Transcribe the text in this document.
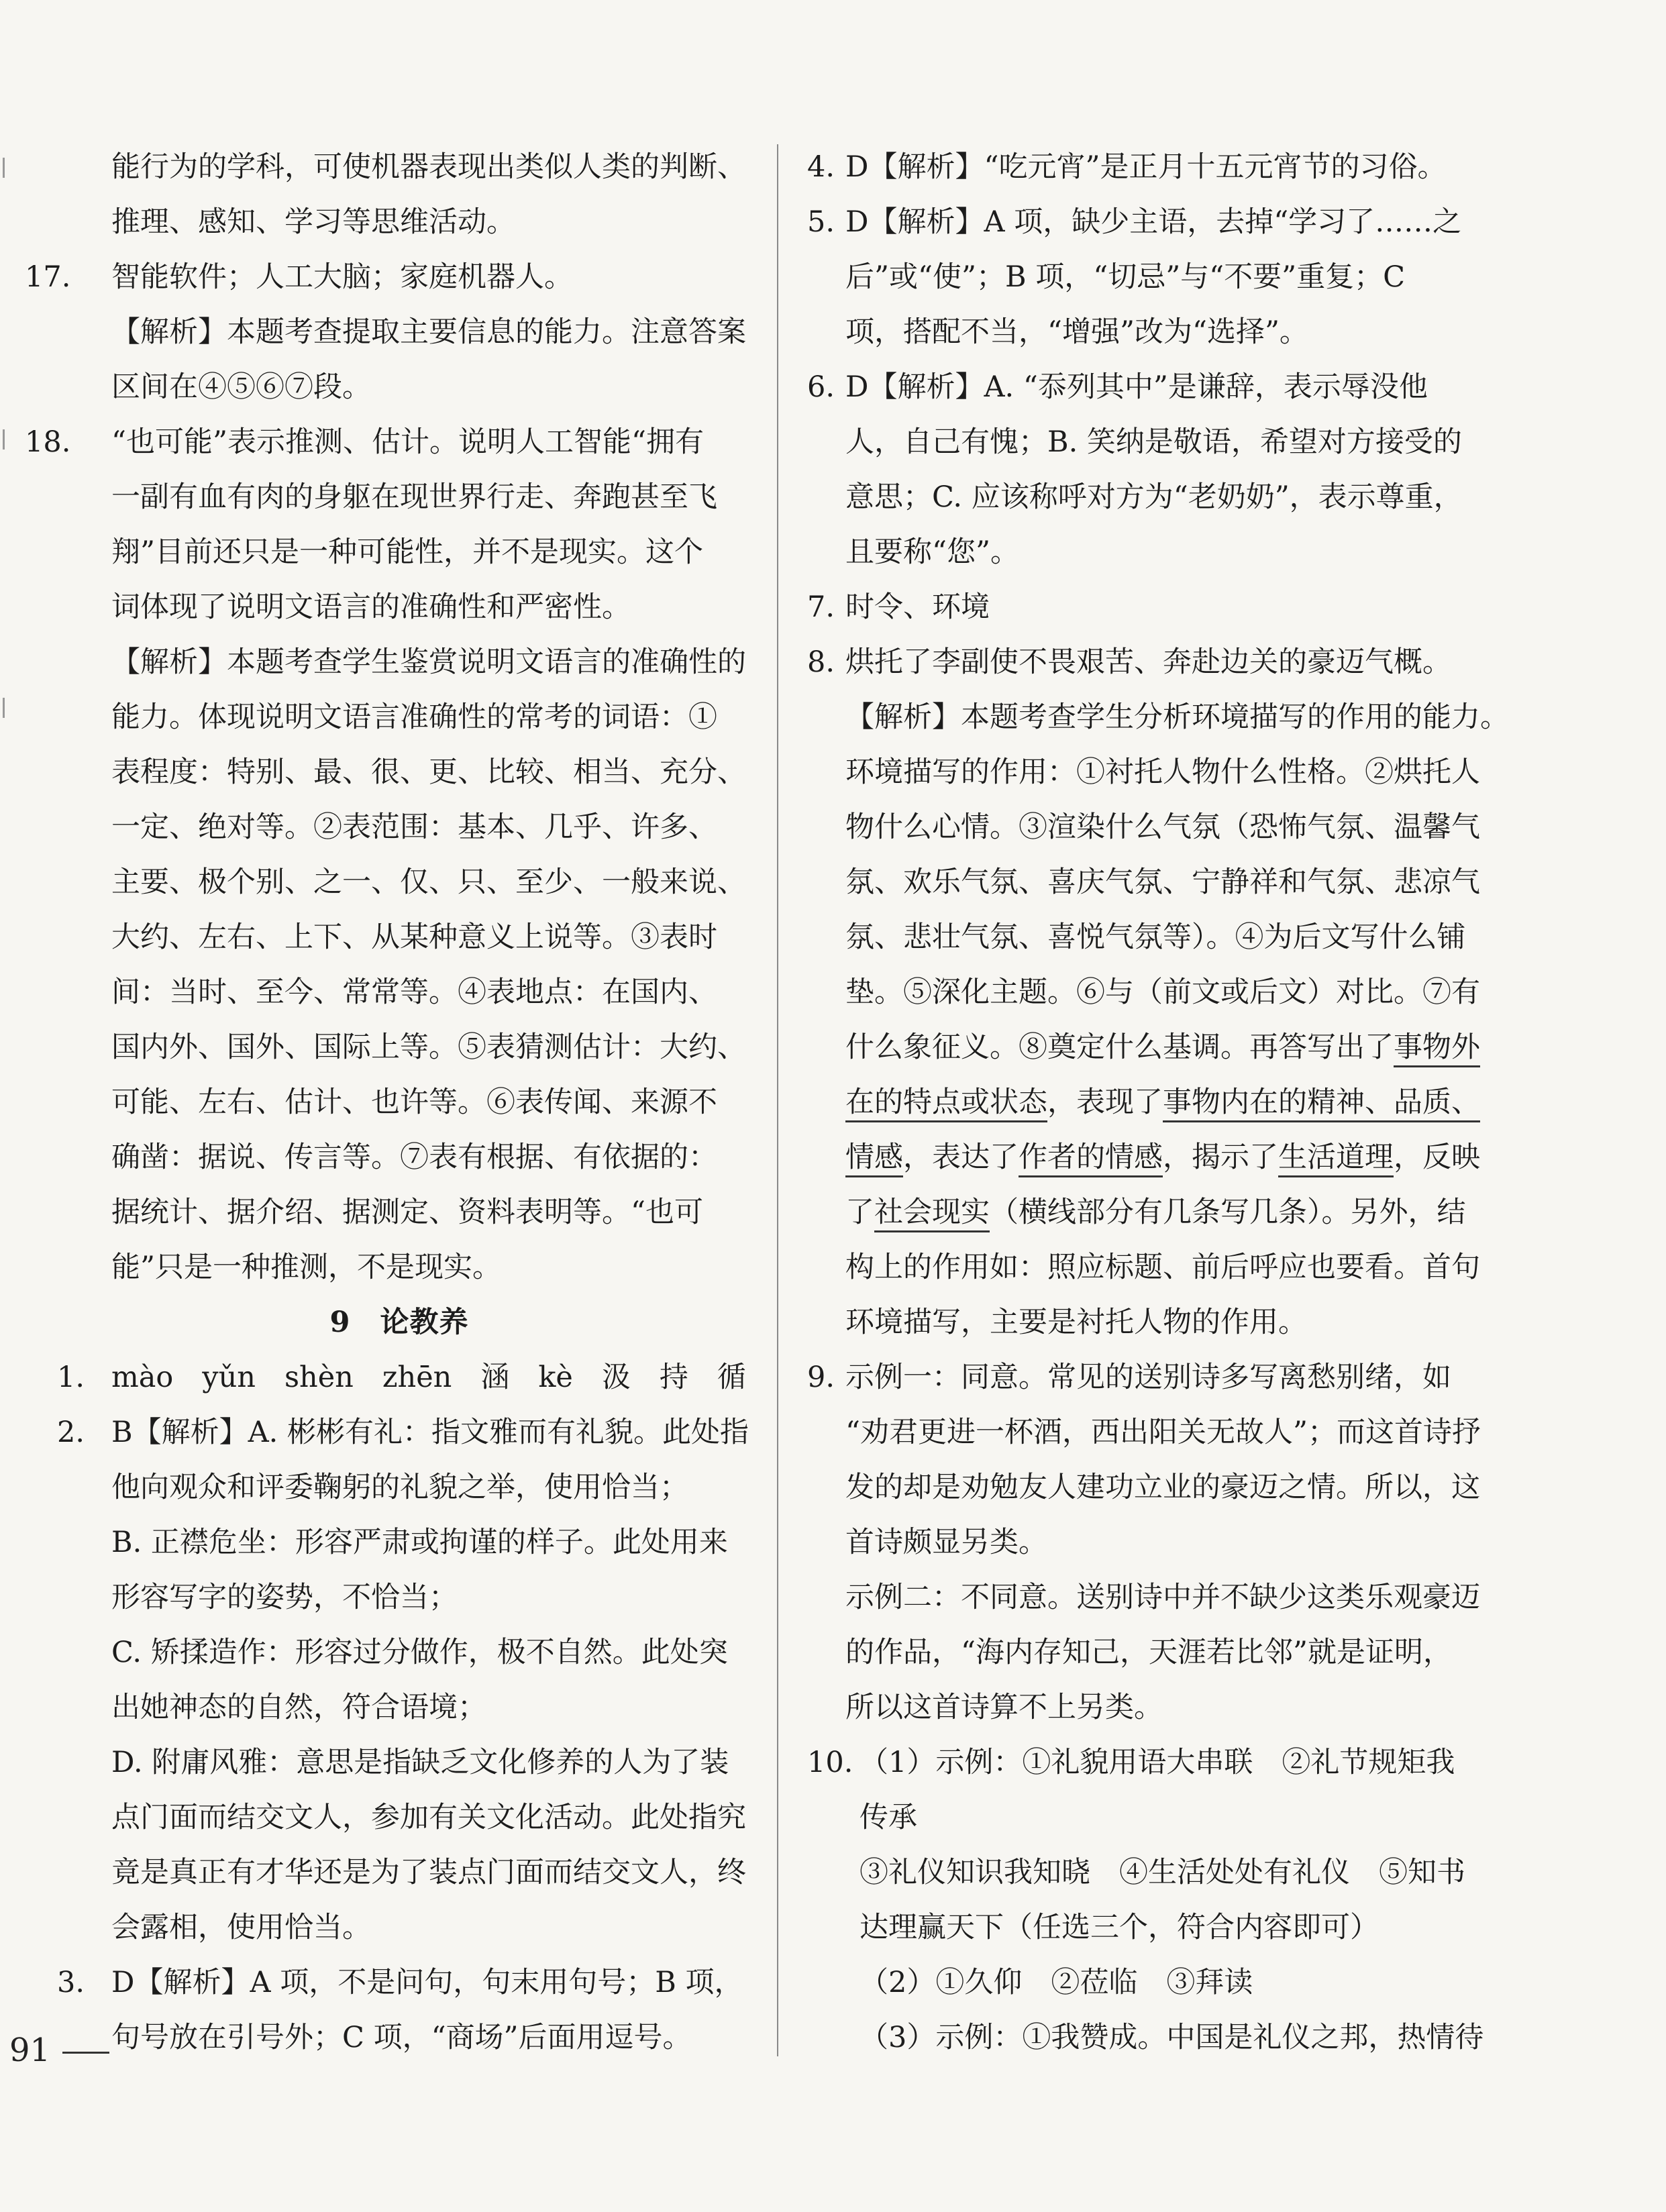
能行为的学科，可使机器表现出类似人类的判断、
推理、感知、学习等思维活动。
17. 智能软件；人工大脑；家庭机器人。
【解析】本题考查提取主要信息的能力。注意答案
区间在④⑤⑥⑦段。
18. “也可能”表示推测、估计。说明人工智能“拥有
一副有血有肉的身躯在现世界行走、奔跑甚至飞
翔”目前还只是一种可能性，并不是现实。这个
词体现了说明文语言的准确性和严密性。
【解析】本题考查学生鉴赏说明文语言的准确性的
能力。体现说明文语言准确性的常考的词语：①
表程度：特别、最、很、更、比较、相当、充分、
一定、绝对等。②表范围：基本、几乎、许多、
主要、极个别、之一、仅、只、至少、一般来说、
大约、左右、上下、从某种意义上说等。③表时
间：当时、至今、常常等。④表地点：在国内、
国内外、国外、国际上等。⑤表猜测估计：大约、
可能、左右、估计、也许等。⑥表传闻、来源不
确凿：据说、传言等。⑦表有根据、有依据的：
据统计、据介绍、据测定、资料表明等。“也可
能”只是一种推测，不是现实。
9　论教养
1. mào　yǔn　shèn　zhēn　涵　kè　汲　持　循
2. B【解析】A. 彬彬有礼：指文雅而有礼貌。此处指
他向观众和评委鞠躬的礼貌之举，使用恰当；
B. 正襟危坐：形容严肃或拘谨的样子。此处用来
形容写字的姿势，不恰当；
C. 矫揉造作：形容过分做作，极不自然。此处突
出她神态的自然，符合语境；
D. 附庸风雅：意思是指缺乏文化修养的人为了装
点门面而结交文人，参加有关文化活动。此处指究
竟是真正有才华还是为了装点门面而结交文人，终
会露相，使用恰当。
3. D【解析】A 项，不是问句，句末用句号；B 项，
句号放在引号外；C 项，“商场”后面用逗号。
4. D【解析】“吃元宵”是正月十五元宵节的习俗。
5. D【解析】A 项，缺少主语，去掉“学习了……之
后”或“使”；B 项，“切忌”与“不要”重复；C
项，搭配不当，“增强”改为“选择”。
6. D【解析】A. “忝列其中”是谦辞，表示辱没他
人，自己有愧；B. 笑纳是敬语，希望对方接受的
意思；C. 应该称呼对方为“老奶奶”，表示尊重，
且要称“您”。
7. 时令、环境
8. 烘托了李副使不畏艰苦、奔赴边关的豪迈气概。
【解析】本题考查学生分析环境描写的作用的能力。
环境描写的作用：①衬托人物什么性格。②烘托人
物什么心情。③渲染什么气氛（恐怖气氛、温馨气
氛、欢乐气氛、喜庆气氛、宁静祥和气氛、悲凉气
氛、悲壮气氛、喜悦气氛等）。④为后文写什么铺
垫。⑤深化主题。⑥与（前文或后文）对比。⑦有
什么象征义。⑧奠定什么基调。再答写出了事物外
在的特点或状态，表现了事物内在的精神、品质、
情感，表达了作者的情感，揭示了生活道理，反映
了社会现实（横线部分有几条写几条）。另外，结
构上的作用如：照应标题、前后呼应也要看。首句
环境描写，主要是衬托人物的作用。
9. 示例一：同意。常见的送别诗多写离愁别绪，如
“劝君更进一杯酒，西出阳关无故人”；而这首诗抒
发的却是劝勉友人建功立业的豪迈之情。所以，这
首诗颇显另类。
示例二：不同意。送别诗中并不缺少这类乐观豪迈
的作品，“海内存知己，天涯若比邻”就是证明，
所以这首诗算不上另类。
10. （1）示例：①礼貌用语大串联　②礼节规矩我
传承
③礼仪知识我知晓　④生活处处有礼仪　⑤知书
达理赢天下（任选三个，符合内容即可）
（2）①久仰　②莅临　③拜读
（3）示例：①我赞成。中国是礼仪之邦，热情待
91
